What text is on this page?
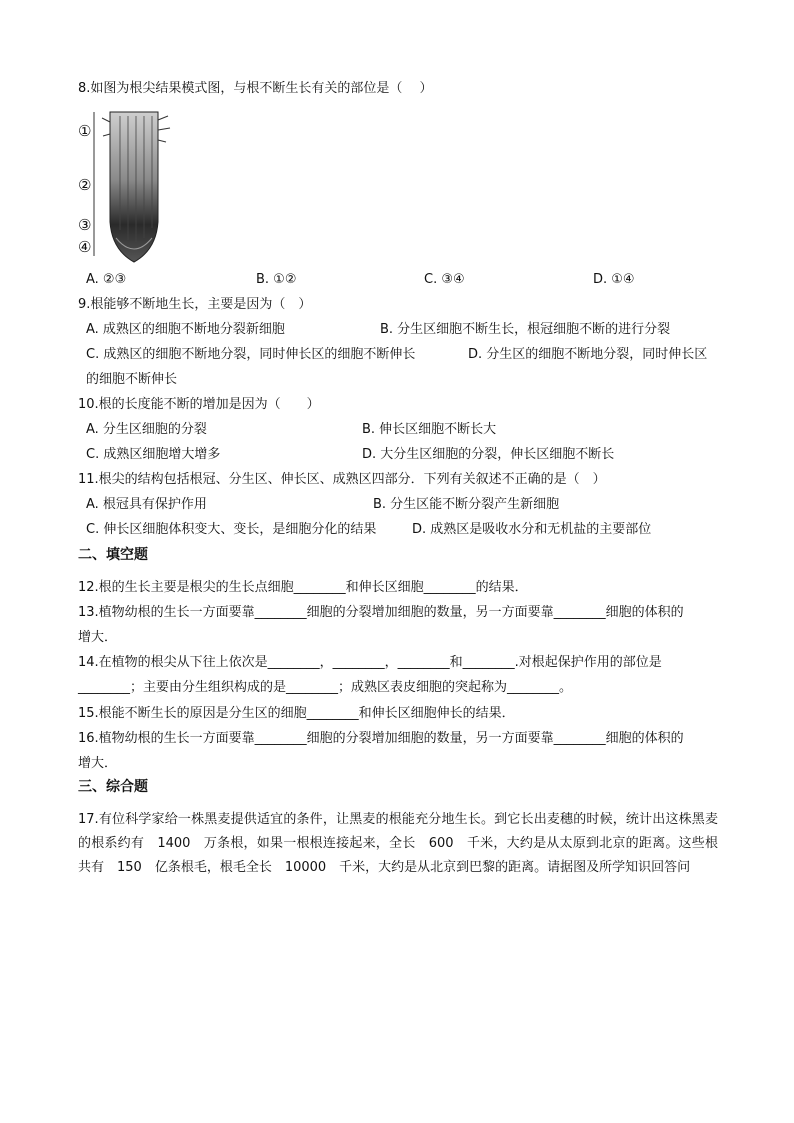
8.如图为根尖结果模式图，与根不断生长有关的部位是（　 ）
①
②
③
④
A. ②③	B. ①②	C. ③④	D. ①④
9.根能够不断地生长，主要是因为（　）
A. 成熟区的细胞不断地分裂新细胞	B. 分生区细胞不断生长，根冠细胞不断的进行分裂
C. 成熟区的细胞不断地分裂，同时伸长区的细胞不断伸长	D. 分生区的细胞不断地分裂，同时伸长区
的细胞不断伸长
10.根的长度能不断的增加是因为（　　）
A. 分生区细胞的分裂	B. 伸长区细胞不断长大
C. 成熟区细胞增大增多	D. 大分生区细胞的分裂，伸长区细胞不断长
11.根尖的结构包括根冠、分生区、伸长区、成熟区四部分．下列有关叙述不正确的是（　）
A. 根冠具有保护作用	B. 分生区能不断分裂产生新细胞
C. 伸长区细胞体积变大、变长，是细胞分化的结果	D. 成熟区是吸收水分和无机盐的主要部位
二、填空题
12.根的生长主要是根尖的生长点细胞________和伸长区细胞________的结果．
13.植物幼根的生长一方面要靠________细胞的分裂增加细胞的数量，另一方面要靠________细胞的体积的
增大．
14.在植物的根尖从下往上依次是________，________，________和________.对根起保护作用的部位是
________；主要由分生组织构成的是________；成熟区表皮细胞的突起称为________。
15.根能不断生长的原因是分生区的细胞________和伸长区细胞伸长的结果．
16.植物幼根的生长一方面要靠________细胞的分裂增加细胞的数量，另一方面要靠________细胞的体积的
增大．
三、综合题
17.有位科学家给一株黑麦提供适宜的条件，让黑麦的根能充分地生长。到它长出麦穗的时候，统计出这株黑麦的根系约有　1400　万条根，如果一根根连接起来，全长　600　千米，大约是从太原到北京的距离。这些根共有　150　亿条根毛，根毛全长　10000　千米，大约是从北京到巴黎的距离。请据图及所学知识回答问
